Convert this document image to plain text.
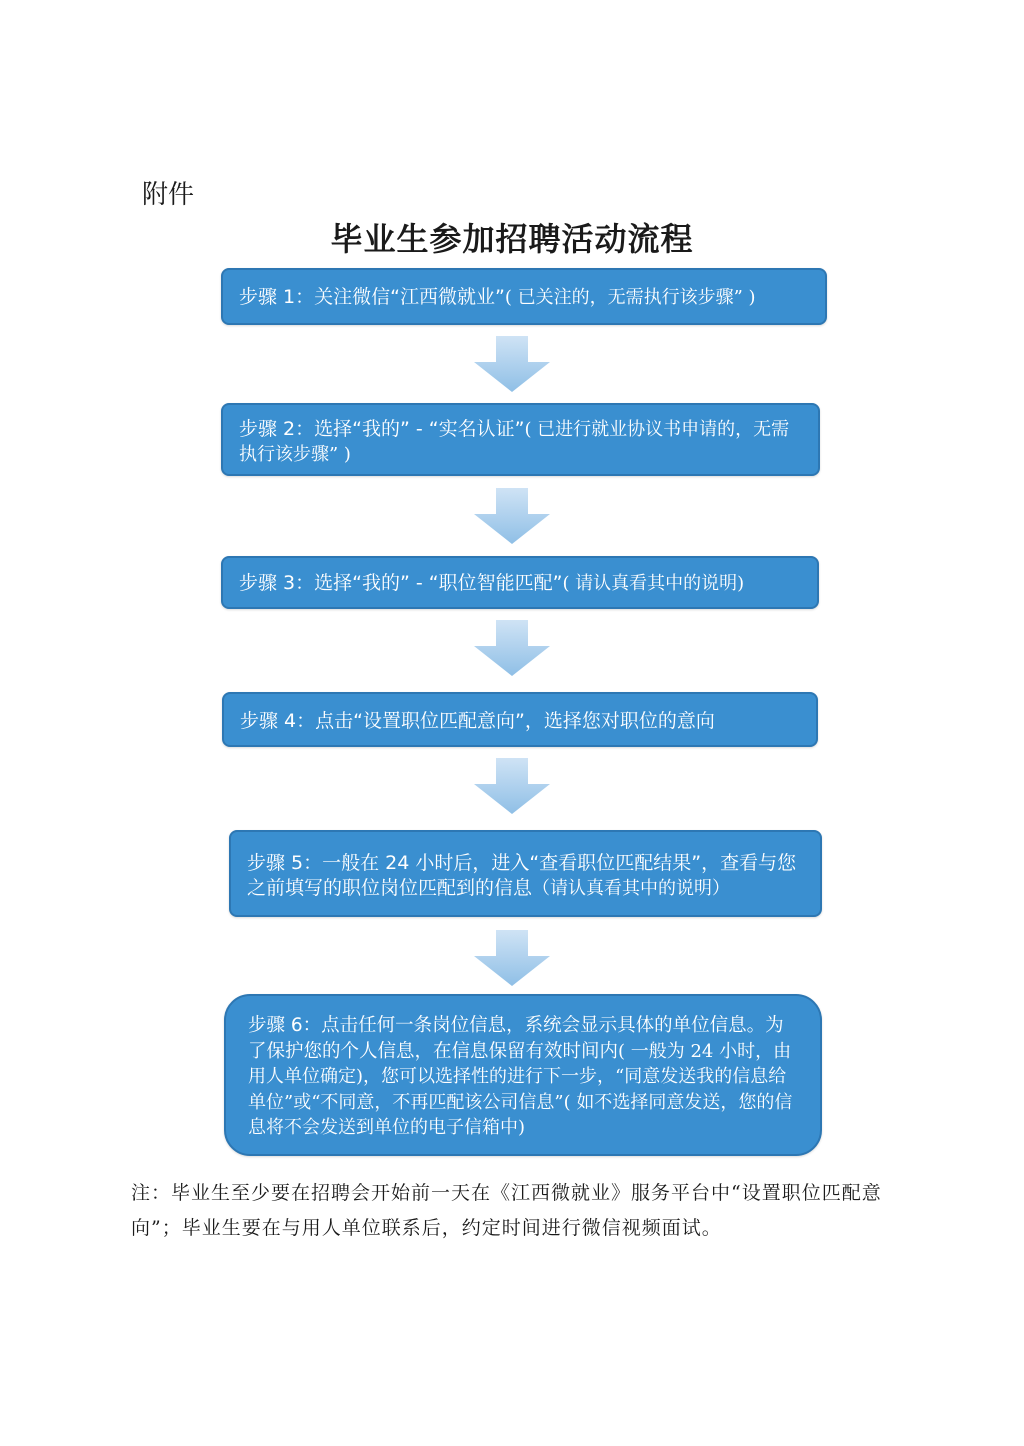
附件
毕业生参加招聘活动流程
步骤 1：关注微信“江西微就业”( 已关注的，无需执行该步骤” )
步骤 2：选择“我的” - “实名认证”( 已进行就业协议书申请的，无需执行该步骤” )
步骤 3：选择“我的” - “职位智能匹配”( 请认真看其中的说明)
步骤 4：点击“设置职位匹配意向”，选择您对职位的意向
步骤 5：一般在 24 小时后，进入“查看职位匹配结果”，查看与您之前填写的职位岗位匹配到的信息（请认真看其中的说明）
步骤 6：点击任何一条岗位信息，系统会显示具体的单位信息。为了保护您的个人信息，在信息保留有效时间内( 一般为 24 小时，由用人单位确定)，您可以选择性的进行下一步，“同意发送我的信息给单位”或“不同意，不再匹配该公司信息”( 如不选择同意发送，您的信息将不会发送到单位的电子信箱中)
注：毕业生至少要在招聘会开始前一天在《江西微就业》服务平台中“设置职位匹配意向”；毕业生要在与用人单位联系后，约定时间进行微信视频面试。
